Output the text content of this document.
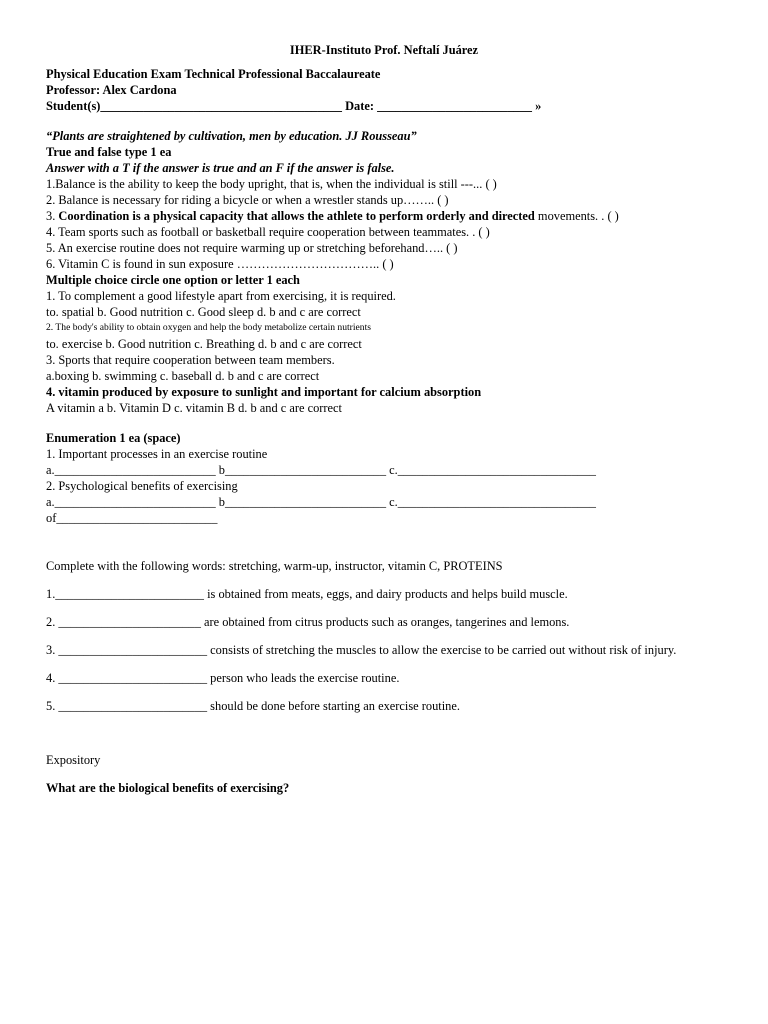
IHER-Instituto Prof. Neftalí Juárez
Physical Education Exam Technical Professional Baccalaureate
Professor: Alex Cardona
Student(s)_______________________________________ Date: _________________________ »
“Plants are straightened by cultivation, men by education. JJ Rousseau”
True and false type 1 ea
Answer with a T if the answer is true and an F if the answer is false.
1.Balance is the ability to keep the body upright, that is, when the individual is still ---... ( )
2. Balance is necessary for riding a bicycle or when a wrestler stands up…….. ( )
3. Coordination is a physical capacity that allows the athlete to perform orderly and directed movements. . ( )
4. Team sports such as football or basketball require cooperation between teammates. . ( )
5. An exercise routine does not require warming up or stretching beforehand….. ( )
6. Vitamin C is found in sun exposure …………………………….. ( )
Multiple choice circle one option or letter 1 each
1. To complement a good lifestyle apart from exercising, it is required.
to. spatial b. Good nutrition c. Good sleep d. b and c are correct
2. The body's ability to obtain oxygen and help the body metabolize certain nutrients
to. exercise b. Good nutrition c. Breathing d. b and c are correct
3. Sports that require cooperation between team members.
a.boxing b. swimming c. baseball d. b and c are correct
4. vitamin produced by exposure to sunlight and important for calcium absorption
A vitamin a b. Vitamin D c. vitamin B d. b and c are correct
Enumeration 1 ea (space)
1. Important processes in an exercise routine
a.__________________________ b__________________________ c.________________________________
2. Psychological benefits of exercising
a.__________________________ b__________________________ c.________________________________
of__________________________
Complete with the following words: stretching, warm-up, instructor, vitamin C, PROTEINS
1.________________________ is obtained from meats, eggs, and dairy products and helps build muscle.
2. _______________________ are obtained from citrus products such as oranges, tangerines and lemons.
3. ________________________ consists of stretching the muscles to allow the exercise to be carried out without risk of injury.
4. ________________________ person who leads the exercise routine.
5. ________________________ should be done before starting an exercise routine.
Expository
What are the biological benefits of exercising?
